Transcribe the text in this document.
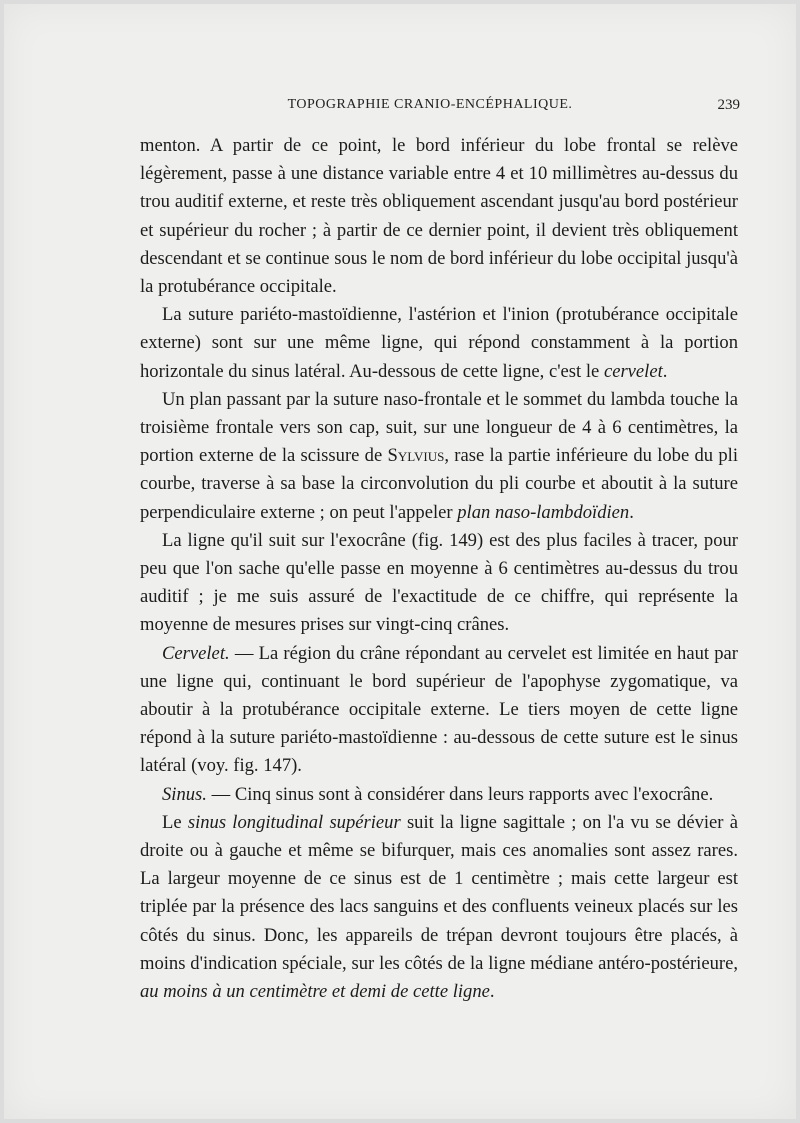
TOPOGRAPHIE CRANIO-ENCÉPHALIQUE.	239

menton. A partir de ce point, le bord inférieur du lobe frontal se relève légèrement, passe à une distance variable entre 4 et 10 millimètres au-dessus du trou auditif externe, et reste très obliquement ascendant jusqu'au bord postérieur et supérieur du rocher ; à partir de ce dernier point, il devient très obliquement descendant et se continue sous le nom de bord inférieur du lobe occipital jusqu'à la protubérance occipitale.

La suture pariéto-mastoïdienne, l'astérion et l'inion (protubérance occipitale externe) sont sur une même ligne, qui répond constamment à la portion horizontale du sinus latéral. Au-dessous de cette ligne, c'est le cervelet.

Un plan passant par la suture naso-frontale et le sommet du lambda touche la troisième frontale vers son cap, suit, sur une longueur de 4 à 6 centimètres, la portion externe de la scissure de Sylvius, rase la partie inférieure du lobe du pli courbe, traverse à sa base la circonvolution du pli courbe et aboutit à la suture perpendiculaire externe ; on peut l'appeler plan naso-lambdoïdien.

La ligne qu'il suit sur l'exocrâne (fig. 149) est des plus faciles à tracer, pour peu que l'on sache qu'elle passe en moyenne à 6 centimètres au-dessus du trou auditif ; je me suis assuré de l'exactitude de ce chiffre, qui représente la moyenne de mesures prises sur vingt-cinq crânes.

Cervelet. — La région du crâne répondant au cervelet est limitée en haut par une ligne qui, continuant le bord supérieur de l'apophyse zygomatique, va aboutir à la protubérance occipitale externe. Le tiers moyen de cette ligne répond à la suture pariéto-mastoïdienne : au-dessous de cette suture est le sinus latéral (voy. fig. 147).

Sinus. — Cinq sinus sont à considérer dans leurs rapports avec l'exocrâne.

Le sinus longitudinal supérieur suit la ligne sagittale ; on l'a vu se dévier à droite ou à gauche et même se bifurquer, mais ces anomalies sont assez rares. La largeur moyenne de ce sinus est de 1 centimètre ; mais cette largeur est triplée par la présence des lacs sanguins et des confluents veineux placés sur les côtés du sinus. Donc, les appareils de trépan devront toujours être placés, à moins d'indication spéciale, sur les côtés de la ligne médiane antéro-postérieure, au moins à un centimètre et demi de cette ligne.
